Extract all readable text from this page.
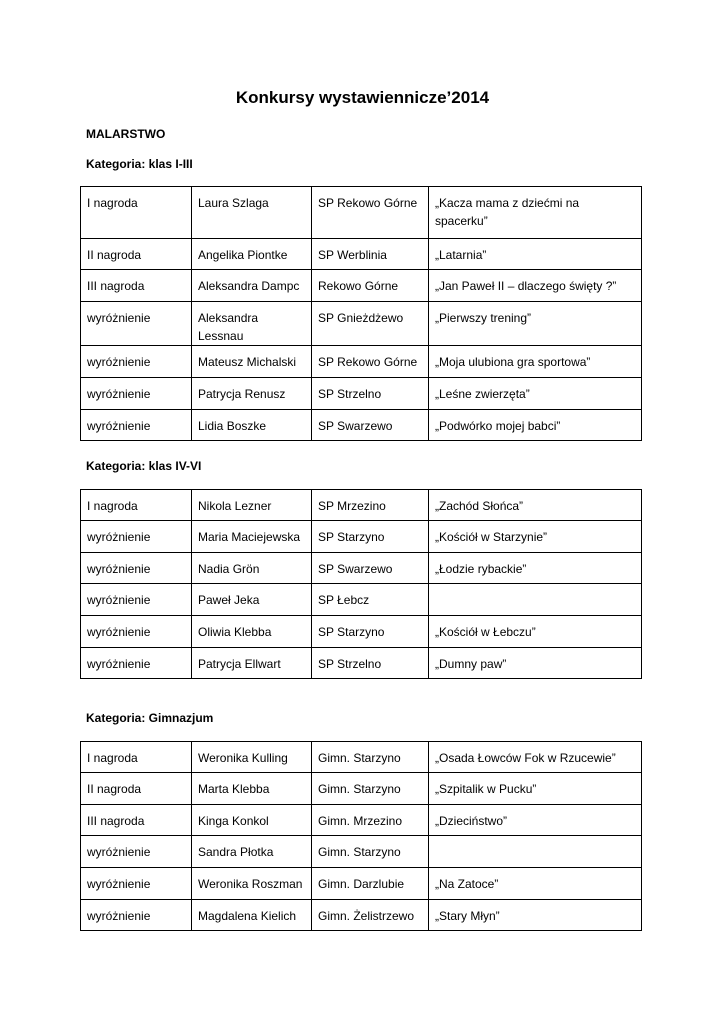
Konkursy wystawiennicze’2014
MALARSTWO
Kategoria: klas I-III
I nagroda	Laura Szlaga	SP Rekowo Górne	„Kacza mama z dziećmi na spacerku”
II nagroda	Angelika Piontke	SP Werblinia	„Latarnia”
III nagroda	Aleksandra Dampc	Rekowo Górne	„Jan Paweł II – dlaczego święty ?”
wyróżnienie	Aleksandra Lessnau	SP Gnieżdżewo	„Pierwszy trening”
wyróżnienie	Mateusz Michalski	SP Rekowo Górne	„Moja ulubiona gra sportowa”
wyróżnienie	Patrycja Renusz	SP Strzelno	„Leśne zwierzęta”
wyróżnienie	Lidia Boszke	SP Swarzewo	„Podwórko mojej babci”
Kategoria: klas IV-VI
I nagroda	Nikola Lezner	SP Mrzezino	„Zachód Słońca”
wyróżnienie	Maria Maciejewska	SP Starzyno	„Kościół w Starzynie”
wyróżnienie	Nadia Grön	SP Swarzewo	„Łodzie rybackie”
wyróżnienie	Paweł Jeka	SP Łebcz	
wyróżnienie	Oliwia Klebba	SP Starzyno	„Kościół w Łebczu”
wyróżnienie	Patrycja Ellwart	SP Strzelno	„Dumny paw”
Kategoria: Gimnazjum
I nagroda	Weronika Kulling	Gimn. Starzyno	„Osada Łowców Fok w Rzucewie”
II nagroda	Marta Klebba	Gimn. Starzyno	„Szpitalik w Pucku”
III nagroda	Kinga Konkol	Gimn. Mrzezino	„Dzieciństwo”
wyróżnienie	Sandra Płotka	Gimn. Starzyno	
wyróżnienie	Weronika Roszman	Gimn. Darzlubie	„Na Zatoce”
wyróżnienie	Magdalena Kielich	Gimn. Żelistrzewo	„Stary Młyn”
